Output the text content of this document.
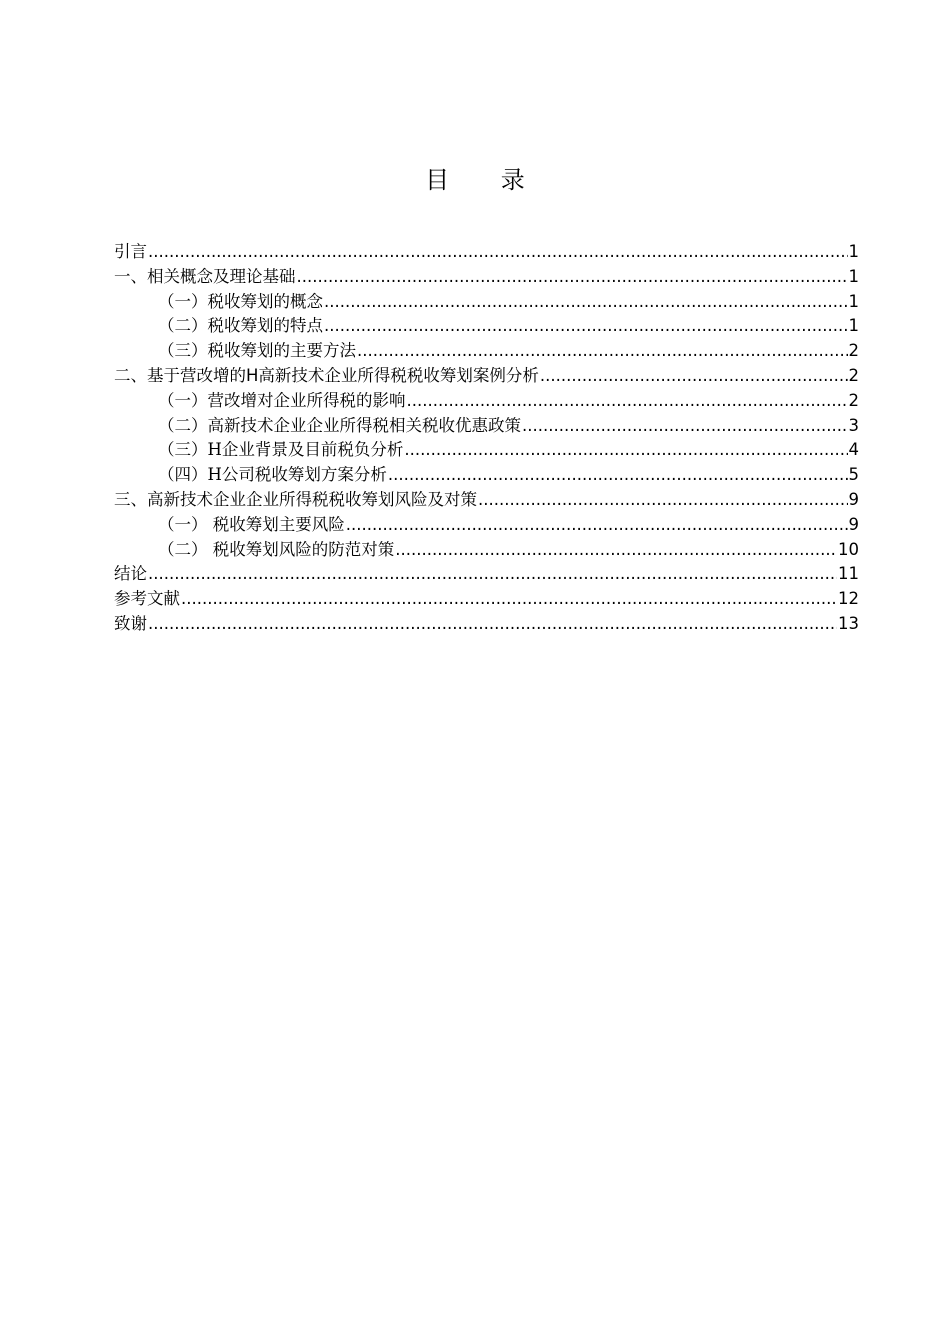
目 录
引言 .....	1
一、相关概念及理论基础 .....	1
（一）税收筹划的概念 .....	1
（二）税收筹划的特点 .....	1
（三）税收筹划的主要方法 .....	2
二、基于营改增的H高新技术企业所得税税收筹划案例分析 .....	2
（一）营改增对企业所得税的影响 .....	2
（二）高新技术企业企业所得税相关税收优惠政策 .....	3
（三）H企业背景及目前税负分析 .....	4
（四）H公司税收筹划方案分析 .....	5
三、高新技术企业企业所得税税收筹划风险及对策 .....	9
（一） 税收筹划主要风险 .....	9
（二） 税收筹划风险的防范对策 .....	10
结论 .....	11
参考文献 .....	12
致谢 .....	13
